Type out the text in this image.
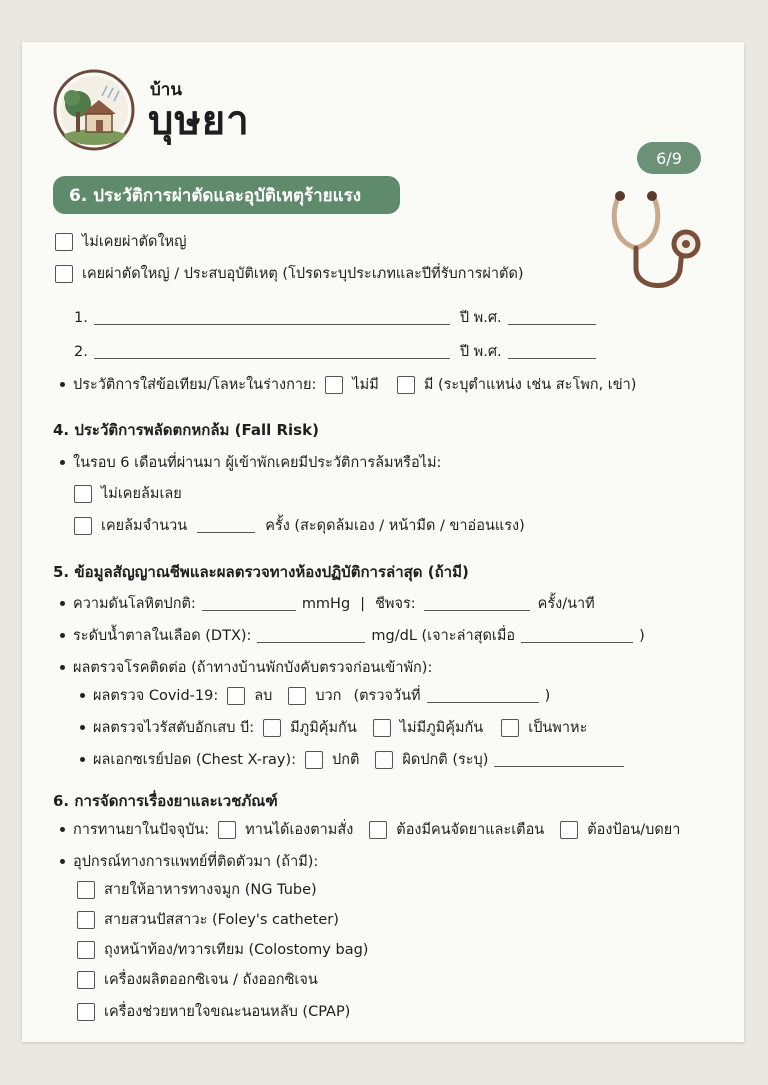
บ้าน
บุษยา
6/9
6. ประวัติการผ่าตัดและอุบัติเหตุร้ายแรง
ไม่เคยผ่าตัดใหญ่
เคยผ่าตัดใหญ่ / ประสบอุบัติเหตุ (โปรดระบุประเภทและปีที่รับการผ่าตัด)
1.	ปี พ.ศ.
2.	ปี พ.ศ.
ประวัติการใส่ข้อเทียม/โลหะในร่างกาย: ไม่มี	มี (ระบุตำแหน่ง เช่น สะโพก, เข่า)
4. ประวัติการพลัดตกหกล้ม (Fall Risk)
ในรอบ 6 เดือนที่ผ่านมา ผู้เข้าพักเคยมีประวัติการล้มหรือไม่:
ไม่เคยล้มเลย
เคยล้มจำนวน	ครั้ง (สะดุดล้มเอง / หน้ามืด / ขาอ่อนแรง)
5. ข้อมูลสัญญาณชีพและผลตรวจทางห้องปฏิบัติการล่าสุด (ถ้ามี)
ความดันโลหิตปกติ:	mmHg | ชีพจร:	ครั้ง/นาที
ระดับน้ำตาลในเลือด (DTX):	mg/dL (เจาะล่าสุดเมื่อ	)
ผลตรวจโรคติดต่อ (ถ้าทางบ้านพักบังคับตรวจก่อนเข้าพัก):
ผลตรวจ Covid-19: ลบ	บวก (ตรวจวันที่	)
ผลตรวจไวรัสตับอักเสบ บี: มีภูมิคุ้มกัน	ไม่มีภูมิคุ้มกัน	เป็นพาหะ
ผลเอกซเรย์ปอด (Chest X-ray): ปกติ	ผิดปกติ (ระบุ)
6. การจัดการเรื่องยาและเวชภัณฑ์
การทานยาในปัจจุบัน: ทานได้เองตามสั่ง	ต้องมีคนจัดยาและเตือน	ต้องป้อน/บดยา
อุปกรณ์ทางการแพทย์ที่ติดตัวมา (ถ้ามี):
สายให้อาหารทางจมูก (NG Tube)
สายสวนปัสสาวะ (Foley's catheter)
ถุงหน้าท้อง/ทวารเทียม (Colostomy bag)
เครื่องผลิตออกซิเจน / ถังออกซิเจน
เครื่องช่วยหายใจขณะนอนหลับ (CPAP)
